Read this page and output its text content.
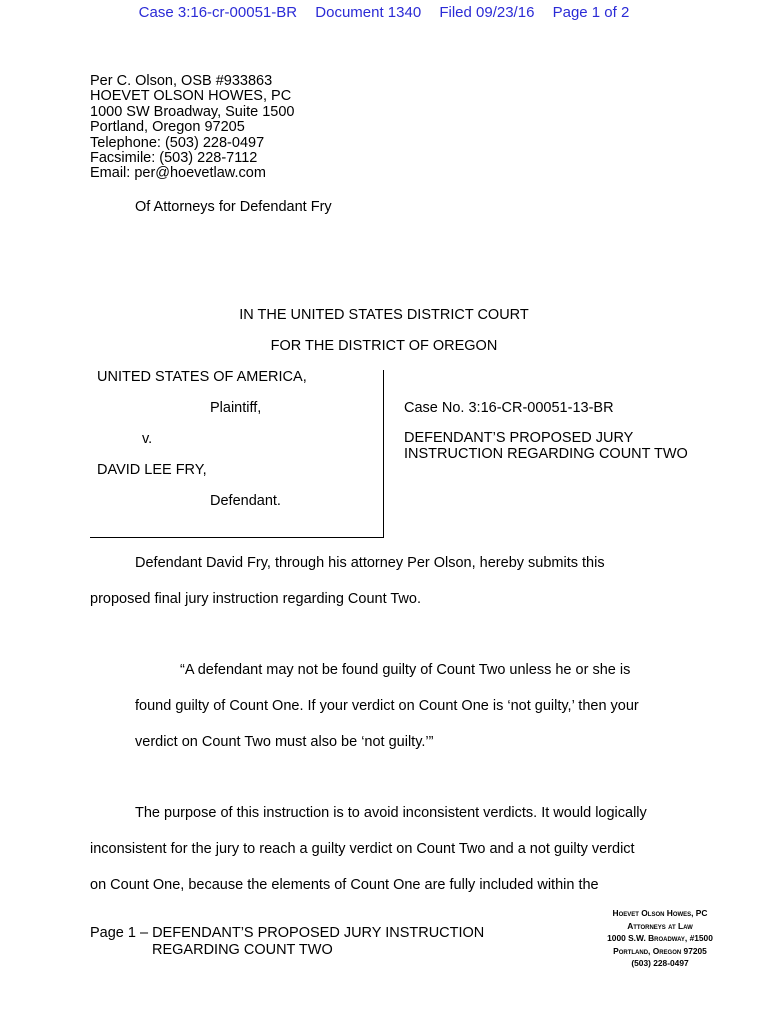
Case 3:16-cr-00051-BR Document 1340 Filed 09/23/16 Page 1 of 2
Per C. Olson, OSB #933863
HOEVET OLSON HOWES, PC
1000 SW Broadway, Suite 1500
Portland, Oregon 97205
Telephone: (503) 228-0497
Facsimile: (503) 228-7112
Email: per@hoevetlaw.com
Of Attorneys for Defendant Fry
IN THE UNITED STATES DISTRICT COURT
FOR THE DISTRICT OF OREGON
UNITED STATES OF AMERICA,
Plaintiff,
v.
DAVID LEE FRY,
Defendant.
Case No. 3:16-CR-00051-13-BR
DEFENDANT’S PROPOSED JURY INSTRUCTION REGARDING COUNT TWO
Defendant David Fry, through his attorney Per Olson, hereby submits this
proposed final jury instruction regarding Count Two.
“A defendant may not be found guilty of Count Two unless he or she is
found guilty of Count One. If your verdict on Count One is ‘not guilty,’ then your
verdict on Count Two must also be ‘not guilty.’”
The purpose of this instruction is to avoid inconsistent verdicts. It would logically
inconsistent for the jury to reach a guilty verdict on Count Two and a not guilty verdict
on Count One, because the elements of Count One are fully included within the
Page 1 – DEFENDANT’S PROPOSED JURY INSTRUCTION
REGARDING COUNT TWO
Hoevet Olson Howes, PC
Attorneys at Law
1000 S.W. Broadway, #1500
Portland, Oregon 97205
(503) 228-0497
